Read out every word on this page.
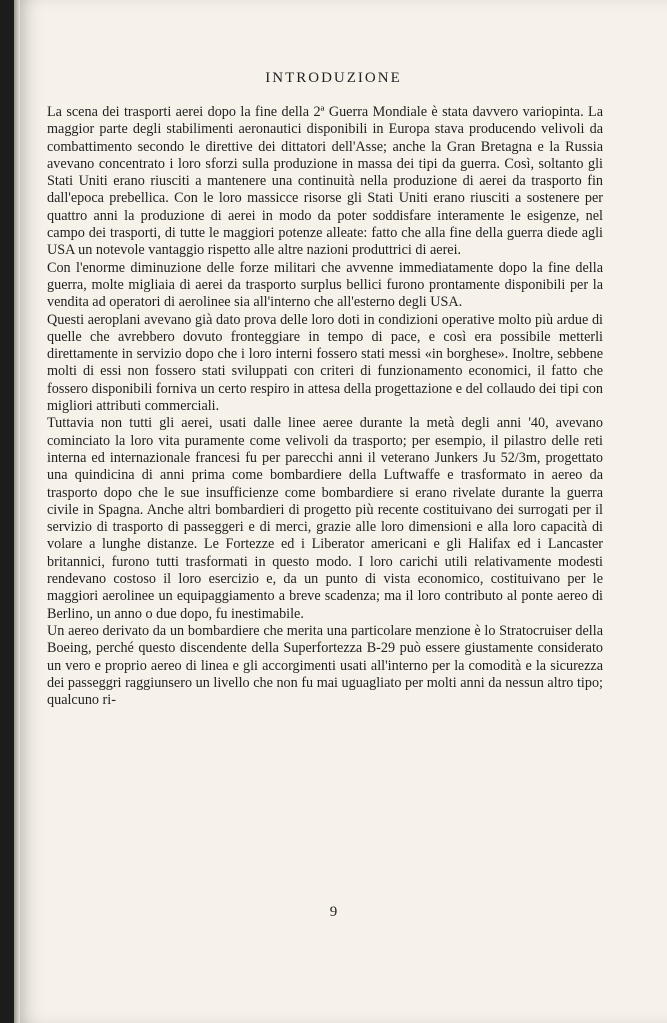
INTRODUZIONE

La scena dei trasporti aerei dopo la fine della 2ª Guerra Mondiale è stata davvero variopinta. La maggior parte degli stabilimenti aeronautici disponibili in Europa stava producendo velivoli da combattimento secondo le direttive dei dittatori dell'Asse; anche la Gran Bretagna e la Russia avevano concentrato i loro sforzi sulla produzione in massa dei tipi da guerra. Così, soltanto gli Stati Uniti erano riusciti a mantenere una continuità nella produzione di aerei da trasporto fin dall'epoca prebellica. Con le loro massicce risorse gli Stati Uniti erano riusciti a sostenere per quattro anni la produzione di aerei in modo da poter soddisfare interamente le esigenze, nel campo dei trasporti, di tutte le maggiori potenze alleate: fatto che alla fine della guerra diede agli USA un notevole vantaggio rispetto alle altre nazioni produttrici di aerei.

Con l'enorme diminuzione delle forze militari che avvenne immediatamente dopo la fine della guerra, molte migliaia di aerei da trasporto surplus bellici furono prontamente disponibili per la vendita ad operatori di aerolinee sia all'interno che all'esterno degli USA.

Questi aeroplani avevano già dato prova delle loro doti in condizioni operative molto più ardue di quelle che avrebbero dovuto fronteggiare in tempo di pace, e così era possibile metterli direttamente in servizio dopo che i loro interni fossero stati messi «in borghese». Inoltre, sebbene molti di essi non fossero stati sviluppati con criteri di funzionamento economici, il fatto che fossero disponibili forniva un certo respiro in attesa della progettazione e del collaudo dei tipi con migliori attributi commerciali.

Tuttavia non tutti gli aerei, usati dalle linee aeree durante la metà degli anni '40, avevano cominciato la loro vita puramente come velivoli da trasporto; per esempio, il pilastro delle reti interna ed internazionale francesi fu per parecchi anni il veterano Junkers Ju 52/3m, progettato una quindicina di anni prima come bombardiere della Luftwaffe e trasformato in aereo da trasporto dopo che le sue insufficienze come bombardiere si erano rivelate durante la guerra civile in Spagna. Anche altri bombardieri di progetto più recente costituivano dei surrogati per il servizio di trasporto di passeggeri e di merci, grazie alle loro dimensioni e alla loro capacità di volare a lunghe distanze. Le Fortezze ed i Liberator americani e gli Halifax ed i Lancaster britannici, furono tutti trasformati in questo modo. I loro carichi utili relativamente modesti rendevano costoso il loro esercizio e, da un punto di vista economico, costituivano per le maggiori aerolinee un equipaggiamento a breve scadenza; ma il loro contributo al ponte aereo di Berlino, un anno o due dopo, fu inestimabile.

Un aereo derivato da un bombardiere che merita una particolare menzione è lo Stratocruiser della Boeing, perché questo discendente della Superfortezza B-29 può essere giustamente considerato un vero e proprio aereo di linea e gli accorgimenti usati all'interno per la comodità e la sicurezza dei passeggri raggiunsero un livello che non fu mai uguagliato per molti anni da nessun altro tipo; qualcuno ri-

9
